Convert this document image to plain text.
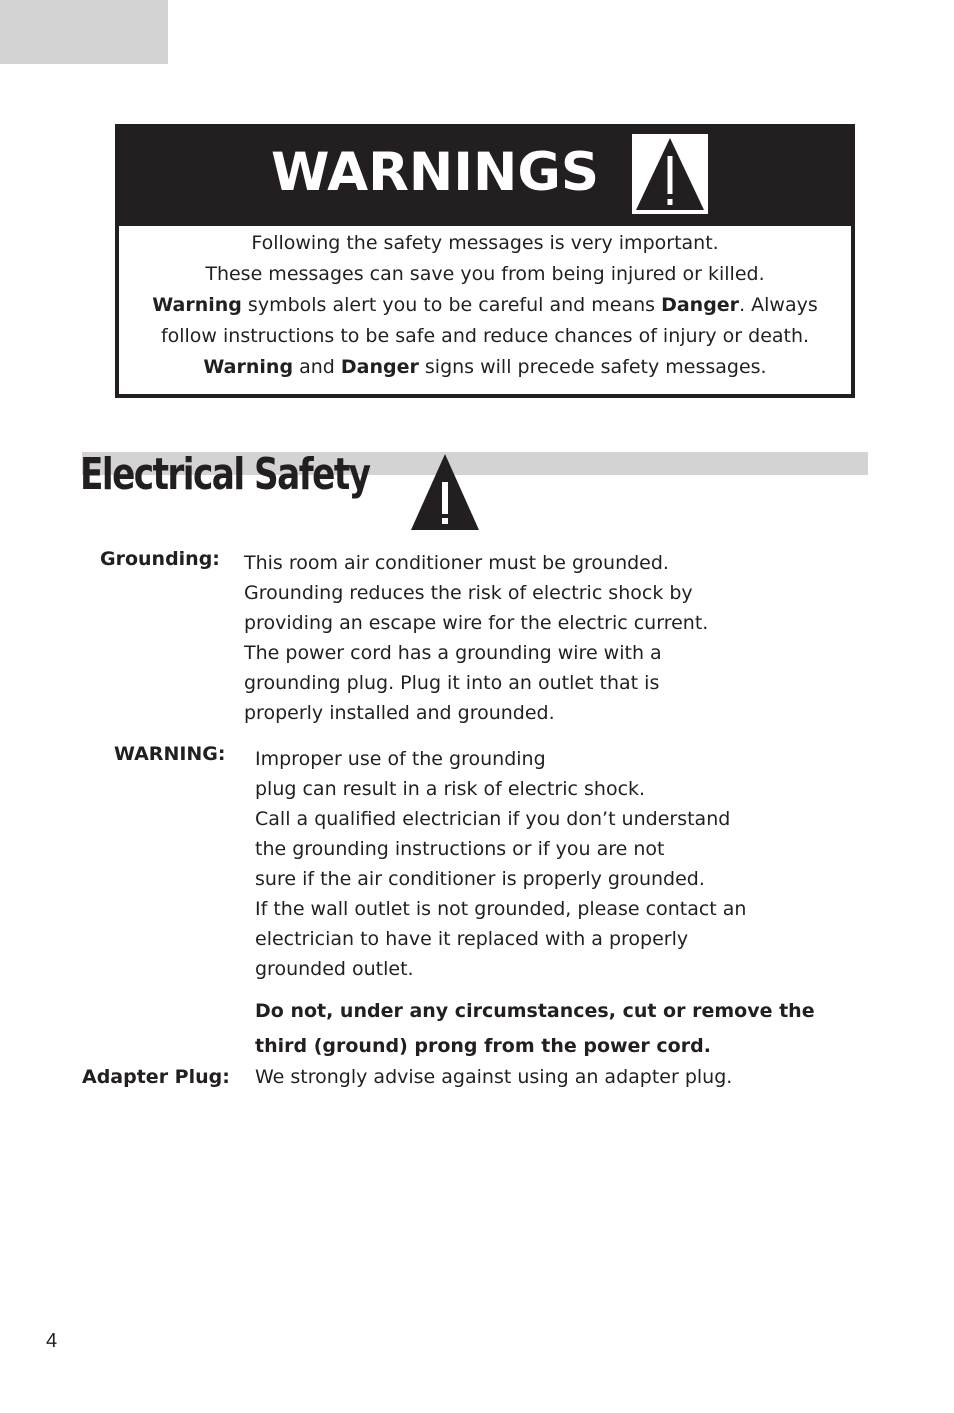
WARNINGS
Following the safety messages is very important.
These messages can save you from being injured or killed.
Warning symbols alert you to be careful and means Danger. Always
follow instructions to be safe and reduce chances of injury or death.
Warning and Danger signs will precede safety messages.
Electrical Safety
Grounding: This room air conditioner must be grounded.
Grounding reduces the risk of electric shock by
providing an escape wire for the electric current.
The power cord has a grounding wire with a
grounding plug. Plug it into an outlet that is
properly installed and grounded.
WARNING: Improper use of the grounding
plug can result in a risk of electric shock.
Call a qualified electrician if you don’t understand
the grounding instructions or if you are not
sure if the air conditioner is properly grounded.
If the wall outlet is not grounded, please contact an
electrician to have it replaced with a properly
grounded outlet.
Do not, under any circumstances, cut or remove the
third (ground) prong from the power cord.
Adapter Plug: We strongly advise against using an adapter plug.
4
